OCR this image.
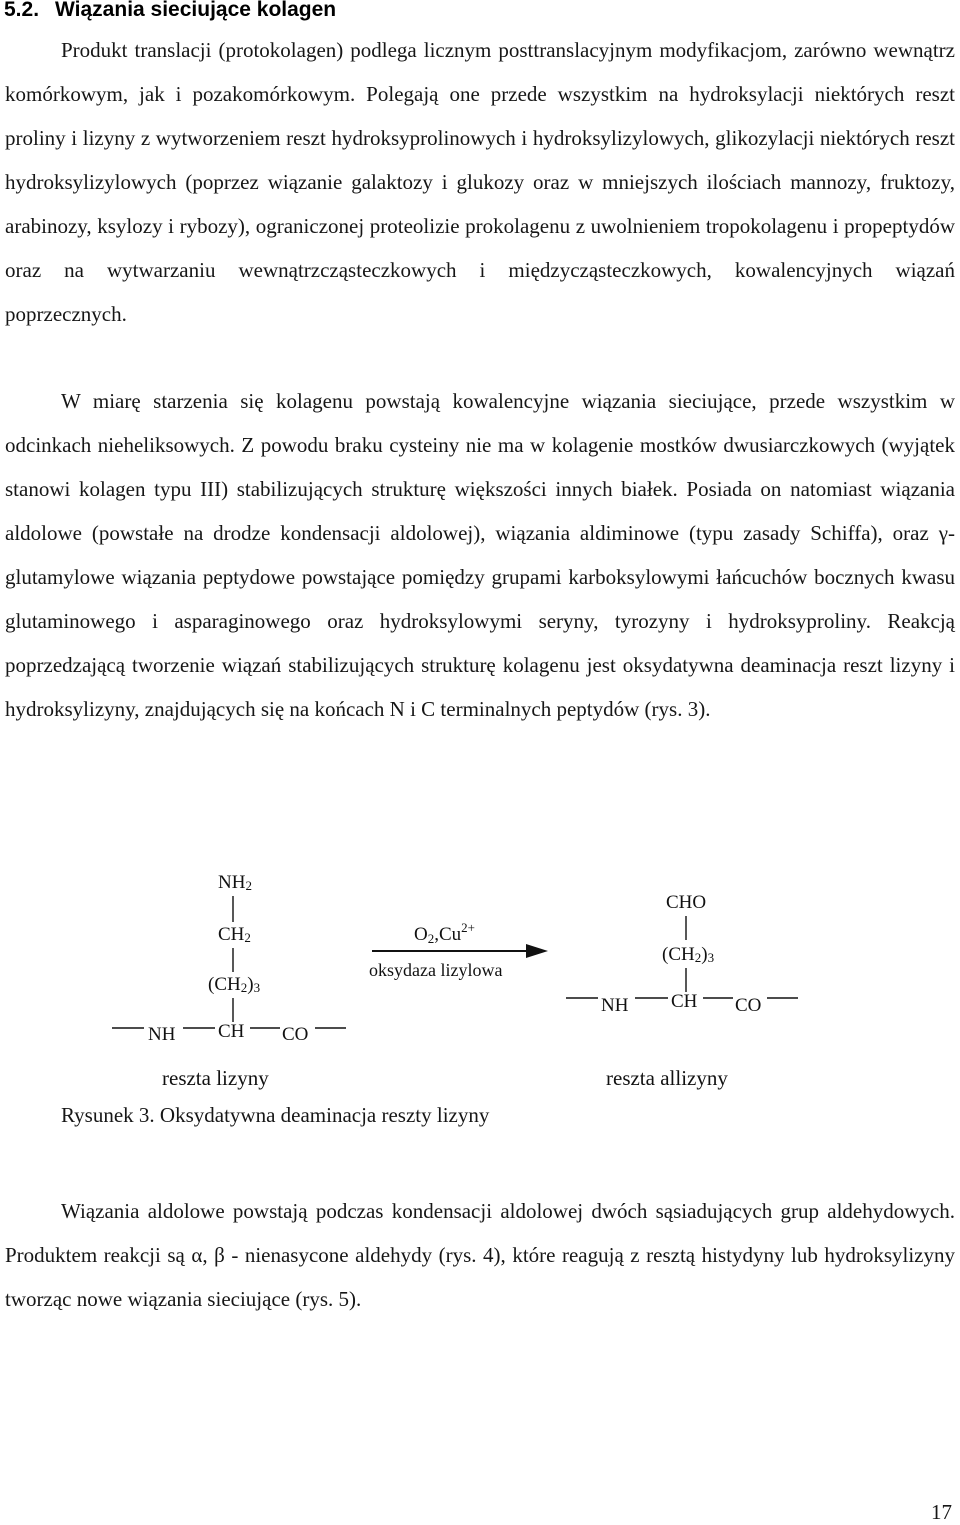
5.2. Wiązania sieciujące kolagen

Produkt translacji (protokolagen) podlega licznym posttranslacyjnym modyfikacjom, zarówno wewnątrz komórkowym, jak i pozakomórkowym. Polegają one przede wszystkim na hydroksylacji niektórych reszt proliny i lizyny z wytworzeniem reszt hydroksyprolinowych i hydroksylizylowych, glikozylacji niektórych reszt hydroksylizylowych (poprzez wiązanie galaktozy i glukozy oraz w mniejszych ilościach mannozy, fruktozy, arabinozy, ksylozy i rybozy), ograniczonej proteolizie prokolagenu z uwolnieniem tropokolagenu i propeptydów oraz na wytwarzaniu wewnątrzcząsteczkowych i międzycząsteczkowych, kowalencyjnych wiązań poprzecznych.

W miarę starzenia się kolagenu powstają kowalencyjne wiązania sieciujące, przede wszystkim w odcinkach nieheliksowych. Z powodu braku cysteiny nie ma w kolagenie mostków dwusiarczkowych (wyjątek stanowi kolagen typu III) stabilizujących strukturę większości innych białek. Posiada on natomiast wiązania aldolowe (powstałe na drodze kondensacji aldolowej), wiązania aldiminowe (typu zasady Schiffa), oraz γ- glutamylowe wiązania peptydowe powstające pomiędzy grupami karboksylowymi łańcuchów bocznych kwasu glutaminowego i asparaginowego oraz hydroksylowymi seryny, tyrozyny i hydroksyproliny. Reakcją poprzedzającą tworzenie wiązań stabilizujących strukturę kolagenu jest oksydatywna deaminacja reszt lizyny i hydroksylizyny, znajdujących się na końcach N i C terminalnych peptydów (rys. 3).

NH2
CH2
(CH2)3
NH CH CO
reszta lizyny
$O2,Cu^{2+}$
oksydaza lizylowa
CHO
(CH2)3
NH CH CO
reszta allizyny
Rysunek 3. Oksydatywna deaminacja reszty lizyny

Wiązania aldolowe powstają podczas kondensacji aldolowej dwóch sąsiadujących grup aldehydowych. Produktem reakcji są α, β - nienasycone aldehydy (rys. 4), które reagują z resztą histydyny lub hydroksylizyny tworząc nowe wiązania sieciujące (rys. 5).

17
